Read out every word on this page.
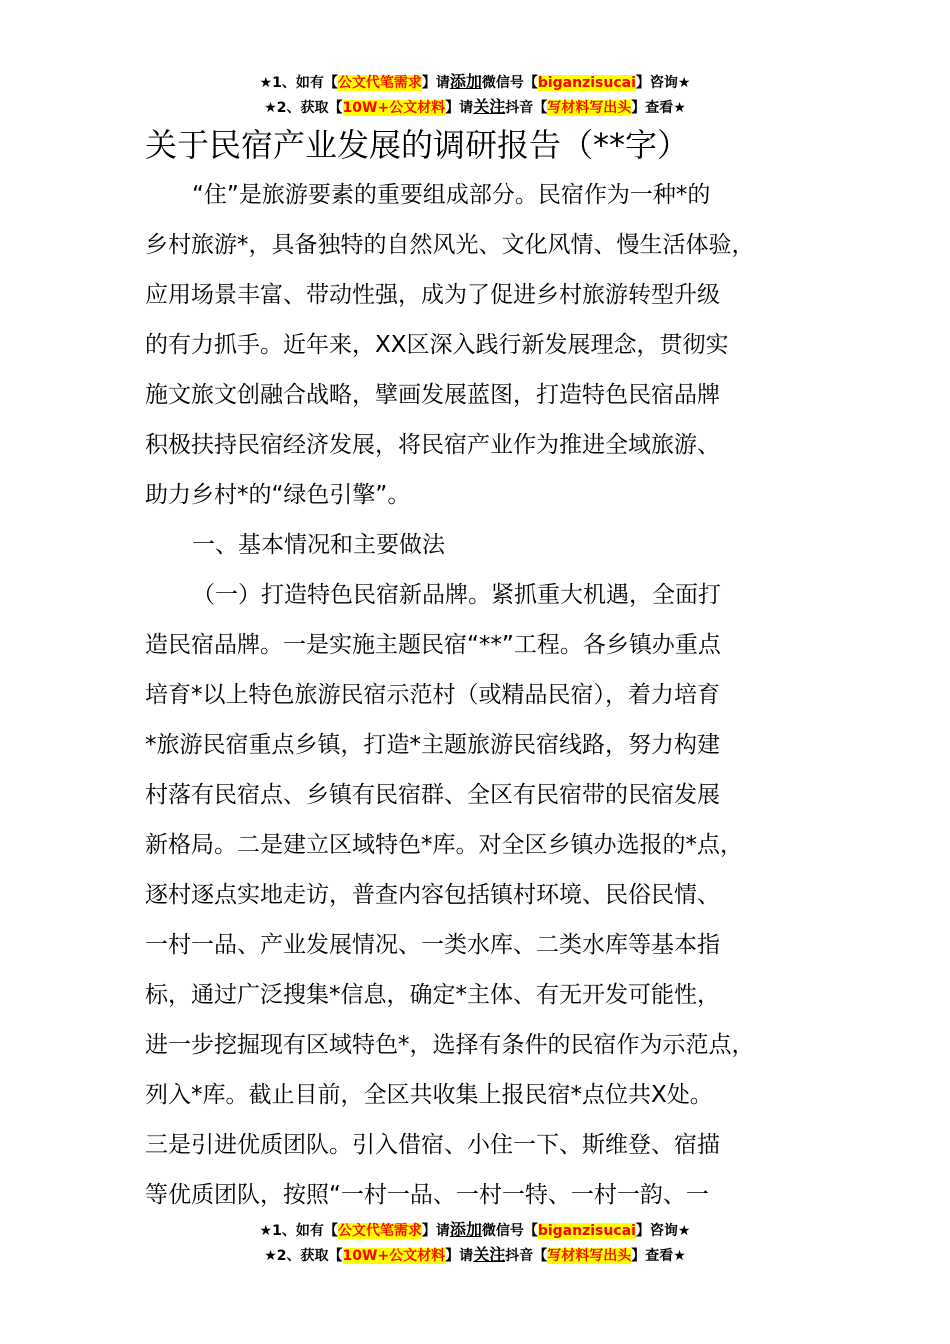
★1、如有【公文代笔需求】请添加微信号【biganzisucai】咨询★
★2、获取【10W+公文材料】请关注抖音【写材料写出头】查看★
关于民宿产业发展的调研报告（**字）
“住”是旅游要素的重要组成部分。民宿作为一种*的
乡村旅游*，具备独特的自然风光、文化风情、慢生活体验，
应用场景丰富、带动性强，成为了促进乡村旅游转型升级
的有力抓手。近年来，XX区深入践行新发展理念，贯彻实
施文旅文创融合战略，擘画发展蓝图，打造特色民宿品牌
积极扶持民宿经济发展，将民宿产业作为推进全域旅游、
助力乡村*的“绿色引擎”。
一、基本情况和主要做法
（一）打造特色民宿新品牌。紧抓重大机遇，全面打
造民宿品牌。一是实施主题民宿“**”工程。各乡镇办重点
培育*以上特色旅游民宿示范村（或精品民宿），着力培育
*旅游民宿重点乡镇，打造*主题旅游民宿线路，努力构建
村落有民宿点、乡镇有民宿群、全区有民宿带的民宿发展
新格局。二是建立区域特色*库。对全区乡镇办选报的*点，
逐村逐点实地走访，普查内容包括镇村环境、民俗民情、
一村一品、产业发展情况、一类水库、二类水库等基本指
标，通过广泛搜集*信息，确定*主体、有无开发可能性，
进一步挖掘现有区域特色*，选择有条件的民宿作为示范点，
列入*库。截止目前，全区共收集上报民宿*点位共X处。
三是引进优质团队。引入借宿、小住一下、斯维登、宿描
等优质团队，按照“一村一品、一村一特、一村一韵、一
★1、如有【公文代笔需求】请添加微信号【biganzisucai】咨询★
★2、获取【10W+公文材料】请关注抖音【写材料写出头】查看★
